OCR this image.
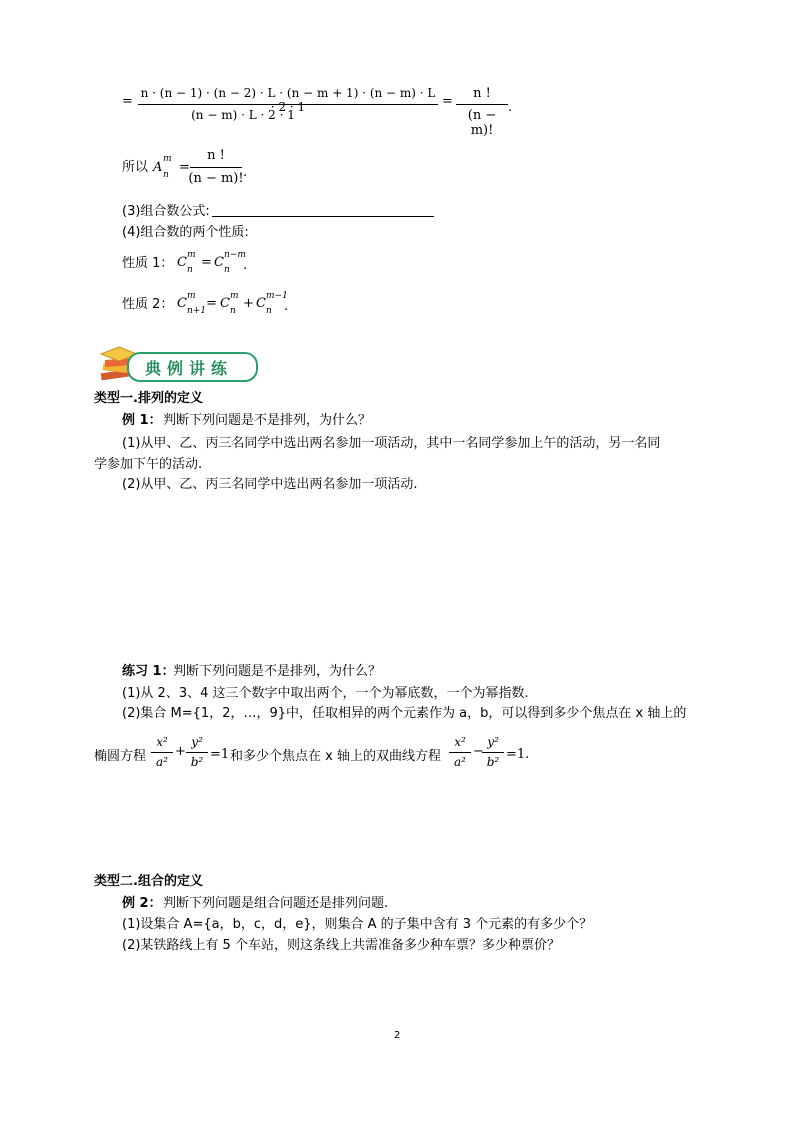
=
n · (n − 1) · (n − 2) · L · (n − m + 1) · (n − m) · L · 2 · 1
(n − m) · L · 2 · 1
=
n !
(n − m)!
.
所以 A
m
n =
n !
(n − m)! .
(3)组合数公式:
(4)组合数的两个性质:
性质 1： C m
n = C n−m
n .
性质 2： C m
n+1 = C m
n + C m−1
n .
典例讲练
类型一.排列的定义
例 1： 判断下列问题是不是排列，为什么？
(1)从甲、乙、丙三名同学中选出两名参加一项活动，其中一名同学参加上午的活动，另一名同
学参加下午的活动.
(2)从甲、乙、丙三名同学中选出两名参加一项活动.
练习 1：
判断下列问题是不是排列，为什么？
(1)从 2、3、4 这三个数字中取出两个，一个为幂底数，一个为幂指数.
(2)集合 M={1，2，…，9}中，任取相异的两个元素作为 a，b，可以得到多少个焦点在 x 轴上的
椭圆方程
x²
a²
+
y²
b² =1 和多少个焦点在 x 轴上的双曲线方程
x²
a²
−
y²
b² =1.
类型二.组合的定义
例 2： 判断下列问题是组合问题还是排列问题.
(1)设集合 A={a，b，c，d，e}，则集合 A 的子集中含有 3 个元素的有多少个？
(2)某铁路线上有 5 个车站，则这条线上共需准备多少种车票？多少种票价？
2
